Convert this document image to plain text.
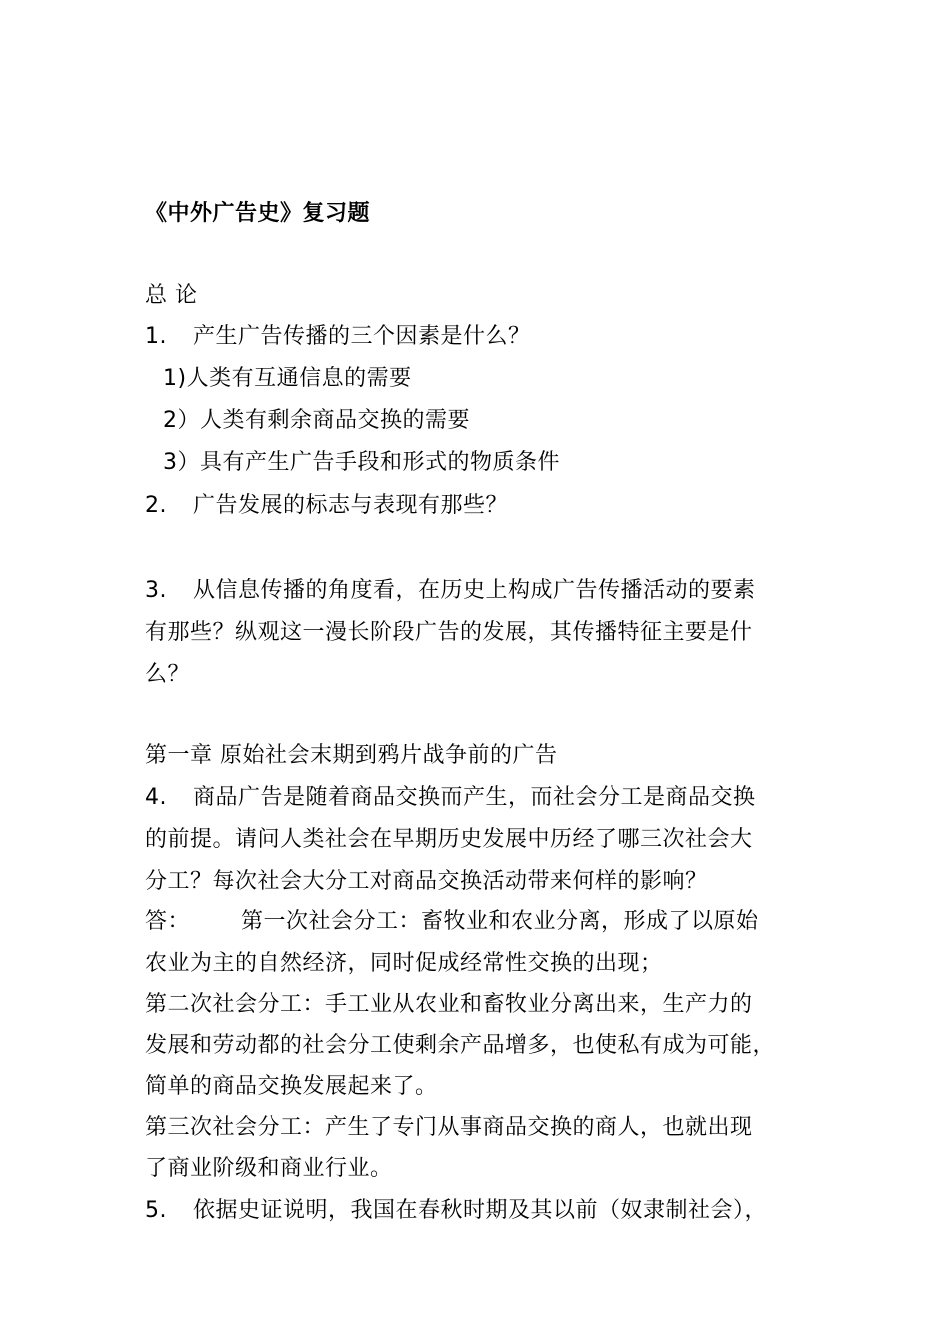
《中外广告史》复习题
总 论
1. 产生广告传播的三个因素是什么？
1)人类有互通信息的需要
2）人类有剩余商品交换的需要
3）具有产生广告手段和形式的物质条件
2. 广告发展的标志与表现有那些？
3. 从信息传播的角度看，在历史上构成广告传播活动的要素
有那些？纵观这一漫长阶段广告的发展，其传播特征主要是什
么？
第一章 原始社会末期到鸦片战争前的广告
4. 商品广告是随着商品交换而产生，而社会分工是商品交换
的前提。请问人类社会在早期历史发展中历经了哪三次社会大
分工？每次社会大分工对商品交换活动带来何样的影响？
答： 第一次社会分工：畜牧业和农业分离，形成了以原始
农业为主的自然经济，同时促成经常性交换的出现；
第二次社会分工：手工业从农业和畜牧业分离出来，生产力的
发展和劳动都的社会分工使剩余产品增多，也使私有成为可能，
简单的商品交换发展起来了。
第三次社会分工：产生了专门从事商品交换的商人，也就出现
了商业阶级和商业行业。
5. 依据史证说明，我国在春秋时期及其以前（奴隶制社会），
